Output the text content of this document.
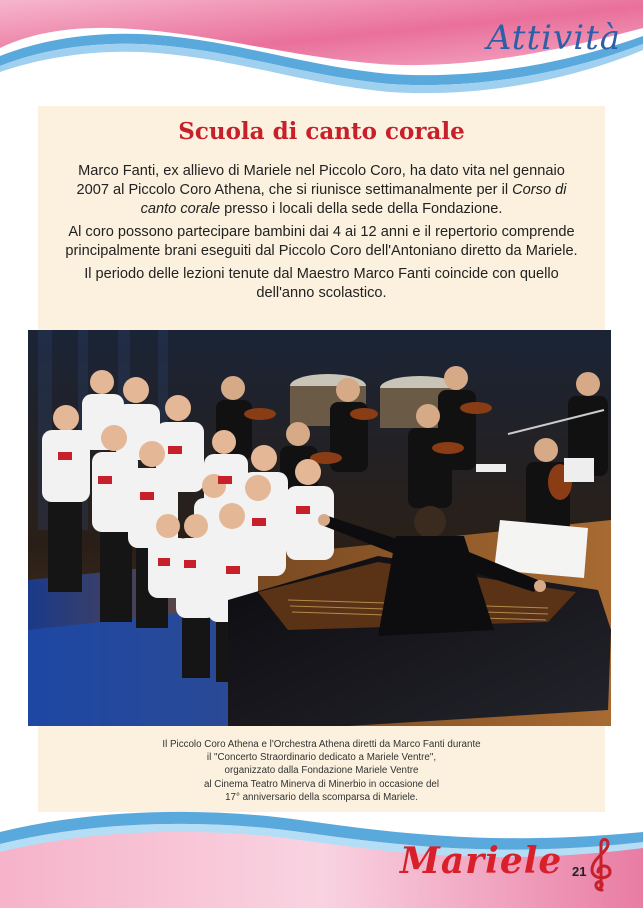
Attività
Scuola di canto corale

Marco Fanti, ex allievo di Mariele nel Piccolo Coro, ha dato vita nel gennaio 2007 al Piccolo Coro Athena, che si riunisce settimanalmente per il Corso di canto corale presso i locali della sede della Fondazione.

Al coro possono partecipare bambini dai 4 ai 12 anni e il repertorio comprende principalmente brani eseguiti dal Piccolo Coro dell'Antoniano diretto da Mariele.

Il periodo delle lezioni tenute dal Maestro Marco Fanti coincide con quello dell'anno scolastico.

Il Piccolo Coro Athena e l'Orchestra Athena diretti da Marco Fanti durante
il "Concerto Straordinario dedicato a Mariele Ventre",
organizzato dalla Fondazione Mariele Ventre
al Cinema Teatro Minerva di Minerbio in occasione del
17° anniversario della scomparsa di Mariele.
Mariele 21
